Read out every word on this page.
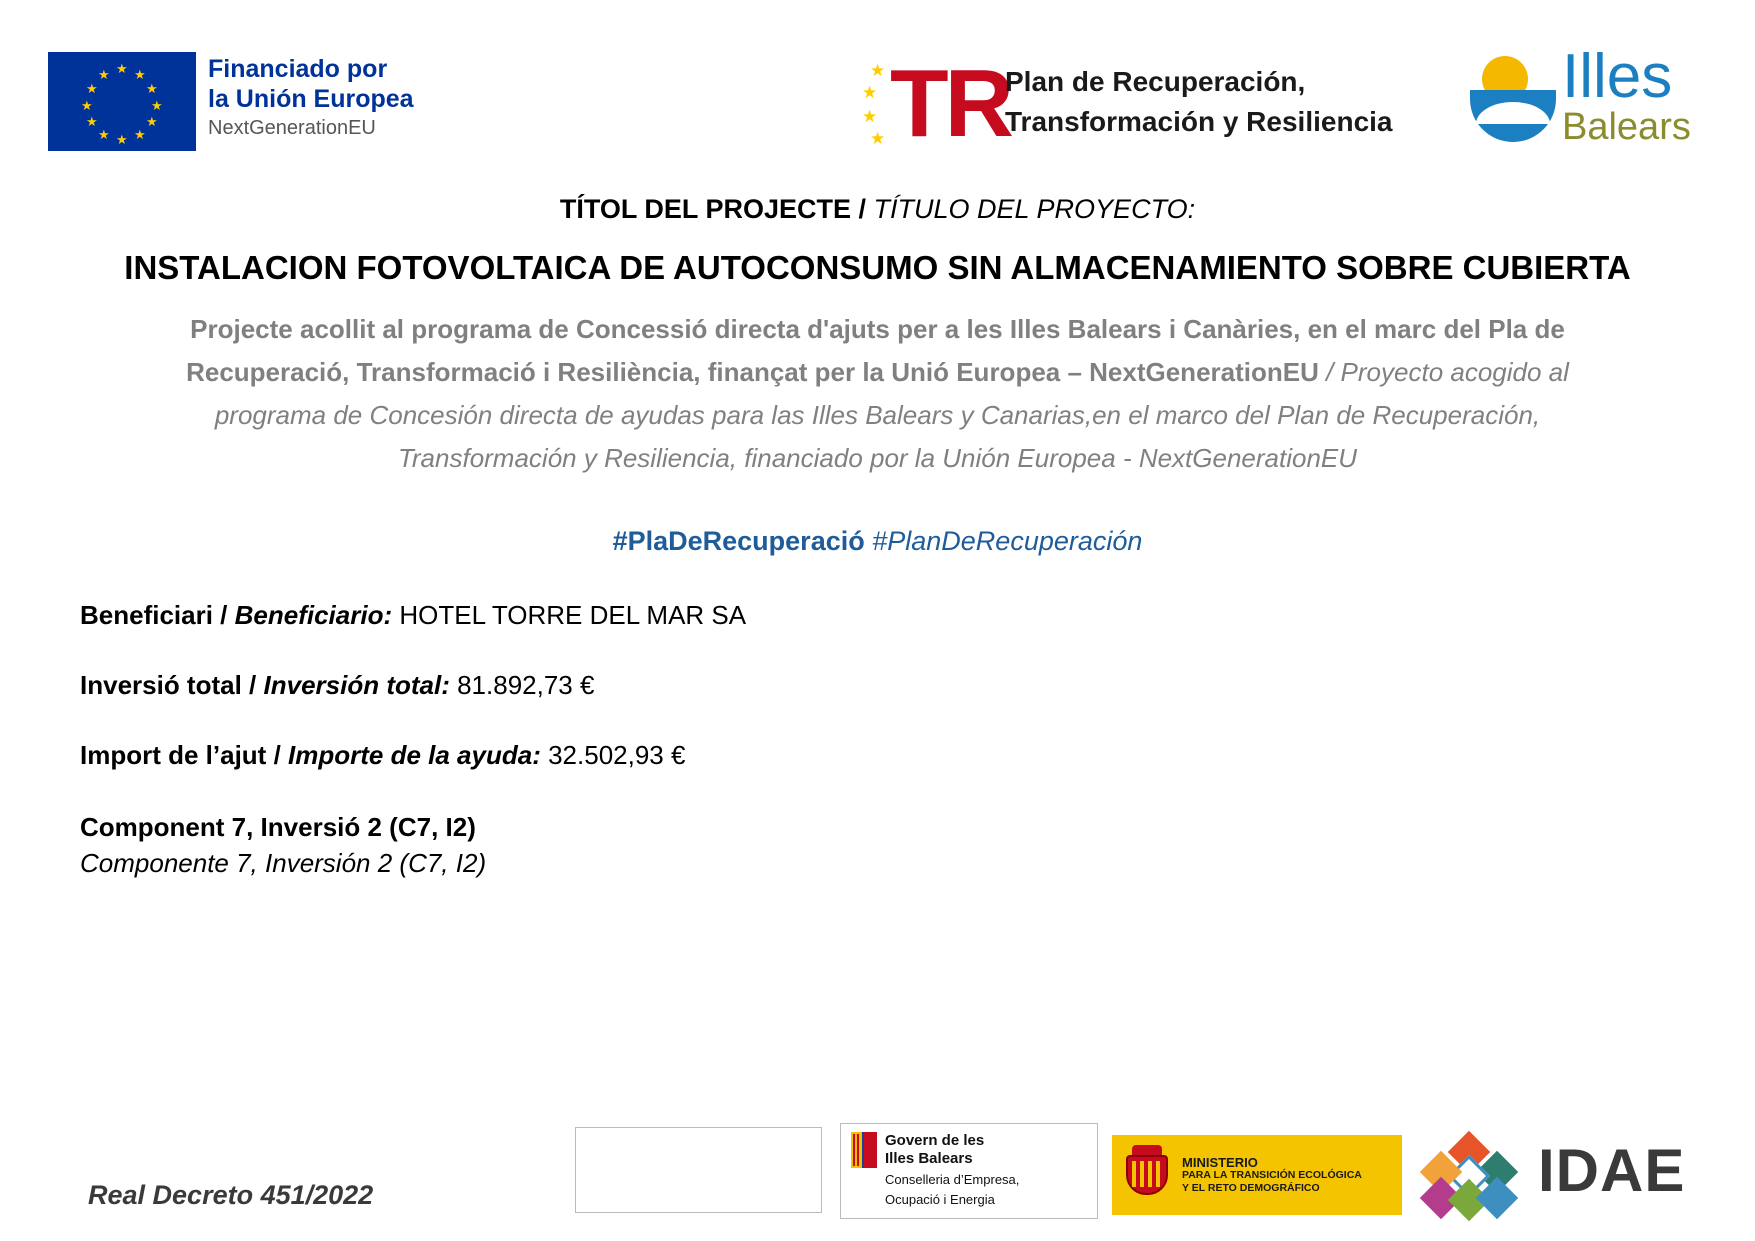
★ ★
★
★
★
★
★
★
★
★
★
★	Financiado por
la Unión Europea
NextGenerationEU
★
★
★
★ TR
Plan de Recuperación,
Transformación y Resiliencia
Illes
Balears
TÍTOL DEL PROJECTE / TÍTULO DEL PROYECTO:
INSTALACION FOTOVOLTAICA DE AUTOCONSUMO SIN ALMACENAMIENTO SOBRE CUBIERTA
Projecte acollit al programa de Concessió directa d'ajuts per a les Illes Balears i Canàries, en el marc del Pla de Recuperació, Transformació i Resiliència, finançat per la Unió Europea – NextGenerationEU / Proyecto acogido al programa de Concesión directa de ayudas para las Illes Balears y Canarias,en el marco del Plan de Recuperación, Transformación y Resiliencia, financiado por la Unión Europea - NextGenerationEU
#PlaDeRecuperació #PlanDeRecuperación
Beneficiari / Beneficiario: HOTEL TORRE DEL MAR SA
Inversió total / Inversión total: 81.892,73 €
Import de l’ajut / Importe de la ayuda: 32.502,93 €
Component 7, Inversió 2 (C7, I2)
Componente 7, Inversión 2 (C7, I2)
Real Decreto 451/2022
Govern de les
Illes Balears
Conselleria d’Empresa,
Ocupació i Energia
MINISTERIO
PARA LA TRANSICIÓN ECOLÓGICA
Y EL RETO DEMOGRÁFICO	IDAE
